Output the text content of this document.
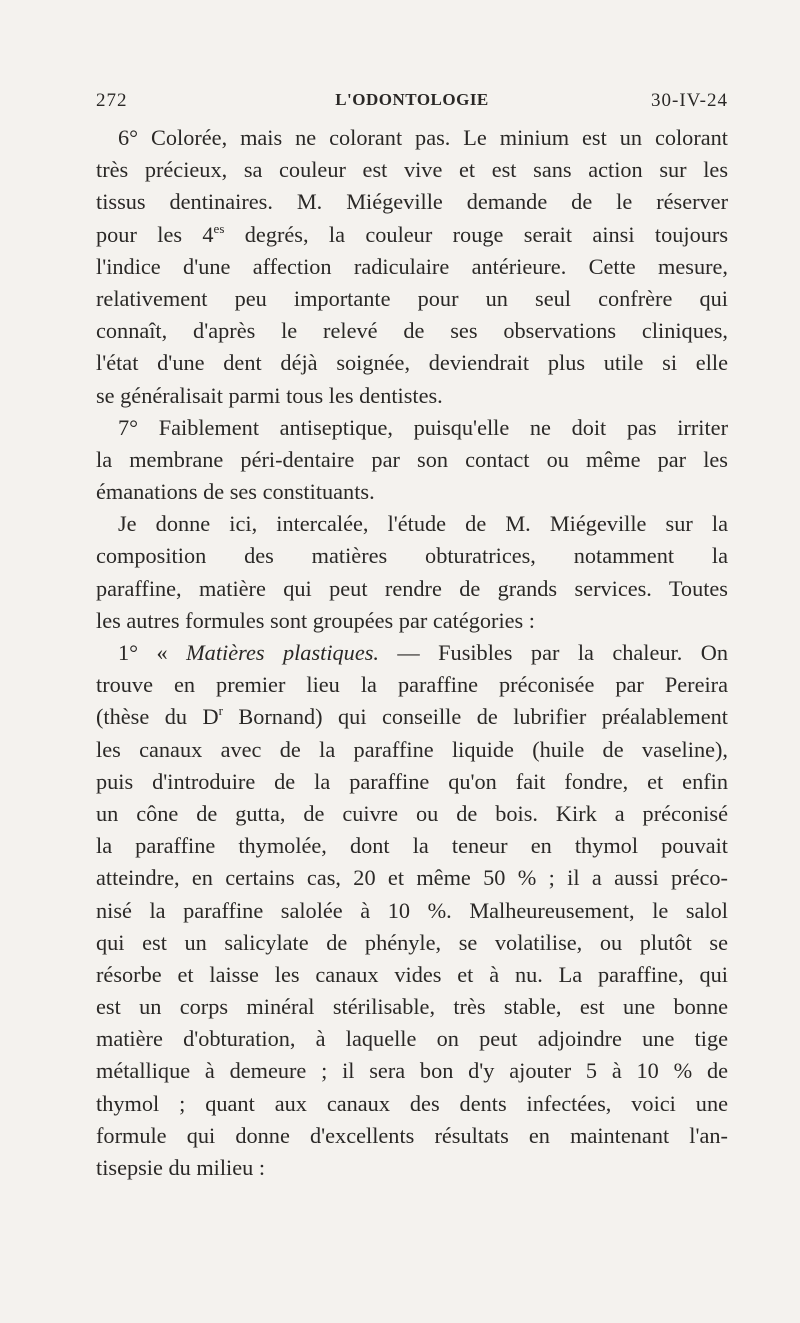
272	L'ODONTOLOGIE	30-IV-24
6° Colorée, mais ne colorant pas. Le minium est un colorant
très précieux, sa couleur est vive et est sans action sur les
tissus dentinaires. M. Miégeville demande de le réserver
pour les $4^{es}$ degrés, la couleur rouge serait ainsi toujours
l'indice d'une affection radiculaire antérieure. Cette mesure,
relativement peu importante pour un seul confrère qui
connaît, d'après le relevé de ses observations cliniques,
l'état d'une dent déjà soignée, deviendrait plus utile si elle
se généralisait parmi tous les dentistes.
7° Faiblement antiseptique, puisqu'elle ne doit pas irriter
la membrane péri-dentaire par son contact ou même par les
émanations de ses constituants.
Je donne ici, intercalée, l'étude de M. Miégeville sur la
composition des matières obturatrices, notamment la
paraffine, matière qui peut rendre de grands services. Toutes
les autres formules sont groupées par catégories :
1° « Matières plastiques. — Fusibles par la chaleur. On
trouve en premier lieu la paraffine préconisée par Pereira
(thèse du $D^r$ Bornand) qui conseille de lubrifier préalablement
les canaux avec de la paraffine liquide (huile de vaseline),
puis d'introduire de la paraffine qu'on fait fondre, et enfin
un cône de gutta, de cuivre ou de bois. Kirk a préconisé
la paraffine thymolée, dont la teneur en thymol pouvait
atteindre, en certains cas, 20 et même 50 % ; il a aussi préco-
nisé la paraffine salolée à 10 %. Malheureusement, le salol
qui est un salicylate de phényle, se volatilise, ou plutôt se
résorbe et laisse les canaux vides et à nu. La paraffine, qui
est un corps minéral stérilisable, très stable, est une bonne
matière d'obturation, à laquelle on peut adjoindre une tige
métallique à demeure ; il sera bon d'y ajouter 5 à 10 % de
thymol ; quant aux canaux des dents infectées, voici une
formule qui donne d'excellents résultats en maintenant l'an-
tisepsie du milieu :
